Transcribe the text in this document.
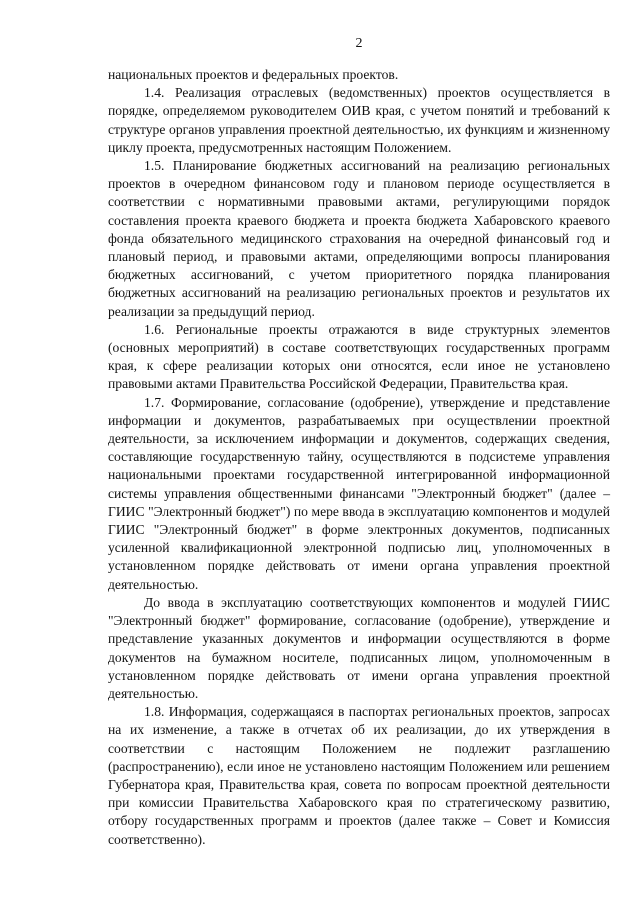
2

национальных проектов и федеральных проектов.

1.4. Реализация отраслевых (ведомственных) проектов осуществляется в порядке, определяемом руководителем ОИВ края, с учетом понятий и требований к структуре органов управления проектной деятельностью, их функциям и жизненному циклу проекта, предусмотренных настоящим Положением.

1.5. Планирование бюджетных ассигнований на реализацию региональных проектов в очередном финансовом году и плановом периоде осуществляется в соответствии с нормативными правовыми актами, регулирующими порядок составления проекта краевого бюджета и проекта бюджета Хабаровского краевого фонда обязательного медицинского страхования на очередной финансовый год и плановый период, и правовыми актами, определяющими вопросы планирования бюджетных ассигнований, с учетом приоритетного порядка планирования бюджетных ассигнований на реализацию региональных проектов и результатов их реализации за предыдущий период.

1.6. Региональные проекты отражаются в виде структурных элементов (основных мероприятий) в составе соответствующих государственных программ края, к сфере реализации которых они относятся, если иное не установлено правовыми актами Правительства Российской Федерации, Правительства края.

1.7. Формирование, согласование (одобрение), утверждение и представление информации и документов, разрабатываемых при осуществлении проектной деятельности, за исключением информации и документов, содержащих сведения, составляющие государственную тайну, осуществляются в подсистеме управления национальными проектами государственной интегрированной информационной системы управления общественными финансами "Электронный бюджет" (далее – ГИИС "Электронный бюджет") по мере ввода в эксплуатацию компонентов и модулей ГИИС "Электронный бюджет" в форме электронных документов, подписанных усиленной квалификационной электронной подписью лиц, уполномоченных в установленном порядке действовать от имени органа управления проектной деятельностью.

До ввода в эксплуатацию соответствующих компонентов и модулей ГИИС "Электронный бюджет" формирование, согласование (одобрение), утверждение и представление указанных документов и информации осуществляются в форме документов на бумажном носителе, подписанных лицом, уполномоченным в установленном порядке действовать от имени органа управления проектной деятельностью.

1.8. Информация, содержащаяся в паспортах региональных проектов, запросах на их изменение, а также в отчетах об их реализации, до их утверждения в соответствии с настоящим Положением не подлежит разглашению (распространению), если иное не установлено настоящим Положением или решением Губернатора края, Правительства края, совета по вопросам проектной деятельности при комиссии Правительства Хабаровского края по стратегическому развитию, отбору государственных программ и проектов (далее также – Совет и Комиссия соответственно).
